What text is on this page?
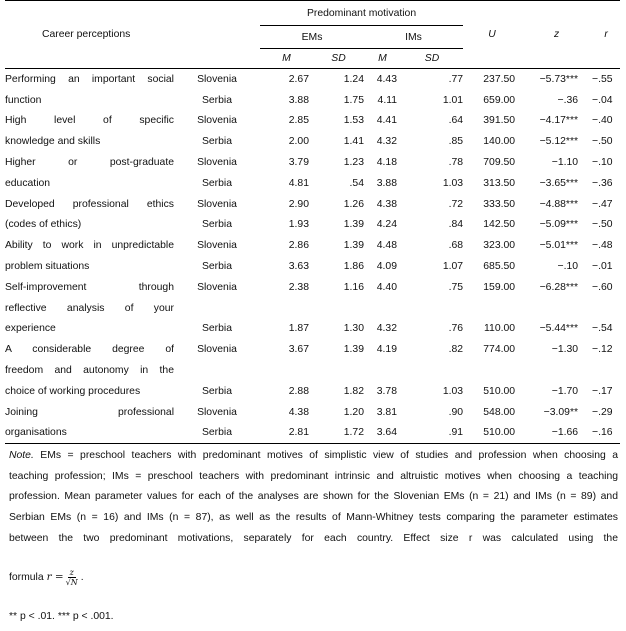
Career perceptions		Predominant motivation				U	z	r
		EMs		IMs				
		M	SD	M	SD			
Performing an important social	Slovenia	2.67	1.24	4.43	.77	237.50	−5.73***	−.55
function	Serbia	3.88	1.75	4.11	1.01	659.00	−.36	−.04
High level of specific	Slovenia	2.85	1.53	4.41	.64	391.50	−4.17***	−.40
knowledge and skills	Serbia	2.00	1.41	4.32	.85	140.00	−5.12***	−.50
Higher or post-graduate	Slovenia	3.79	1.23	4.18	.78	709.50	−1.10	−.10
education	Serbia	4.81	.54	3.88	1.03	313.50	−3.65***	−.36
Developed professional ethics	Slovenia	2.90	1.26	4.38	.72	333.50	−4.88***	−.47
(codes of ethics)	Serbia	1.93	1.39	4.24	.84	142.50	−5.09***	−.50
Ability to work in unpredictable	Slovenia	2.86	1.39	4.48	.68	323.00	−5.01***	−.48
problem situations	Serbia	3.63	1.86	4.09	1.07	685.50	−.10	−.01
Self-improvement through	Slovenia	2.38	1.16	4.40	.75	159.00	−6.28***	−.60
reflective analysis of your								
experience	Serbia	1.87	1.30	4.32	.76	110.00	−5.44***	−.54
A considerable degree of	Slovenia	3.67	1.39	4.19	.82	774.00	−1.30	−.12
freedom and autonomy in the								
choice of working procedures	Serbia	2.88	1.82	3.78	1.03	510.00	−1.70	−.17
Joining professional	Slovenia	4.38	1.20	3.81	.90	548.00	−3.09**	−.29
organisations	Serbia	2.81	1.72	3.64	.91	510.00	−1.66	−.16
Note. EMs = preschool teachers with predominant motives of simplistic view of studies and profession when choosing a
teaching profession; IMs = preschool teachers with predominant intrinsic and altruistic motives when choosing a teaching
profession. Mean parameter values for each of the analyses are shown for the Slovenian EMs (n = 21) and IMs (n = 89) and
Serbian EMs (n = 16) and IMs (n = 87), as well as the results of Mann-Whitney tests comparing the parameter estimates
between the two predominant motivations, separately for each country. Effect size r was calculated using the
formula $r = \frac{z}{√N}$ .
** p < .01. *** p < .001.
